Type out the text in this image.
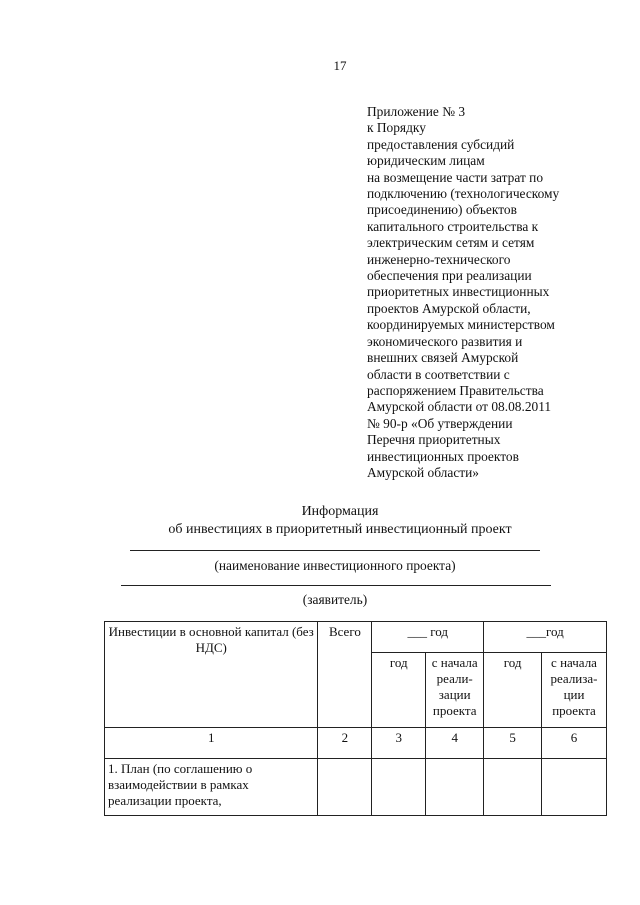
17
Приложение № 3
к Порядку
предоставления субсидий
юридическим лицам
на возмещение части затрат по
подключению (технологическому
присоединению) объектов
капитального строительства к
электрическим сетям и сетям
инженерно-технического
обеспечения при реализации
приоритетных инвестиционных
проектов Амурской области,
координируемых министерством
экономического развития и
внешних связей Амурской
области в соответствии с
распоряжением Правительства
Амурской области от 08.08.2011
№ 90-р «Об утверждении
Перечня приоритетных
инвестиционных проектов
Амурской области»
Информация
об инвестициях в приоритетный инвестиционный проект
(наименование инвестиционного проекта)
(заявитель)
Инвестиции в основной капитал (без НДС)	Всего	___ год		___год	
		год	с начала реали-зации проекта	год	с начала реализа-ции проекта
1	2	3	4	5	6
1. План (по соглашению о взаимодействии в рамках реализации проекта,					
